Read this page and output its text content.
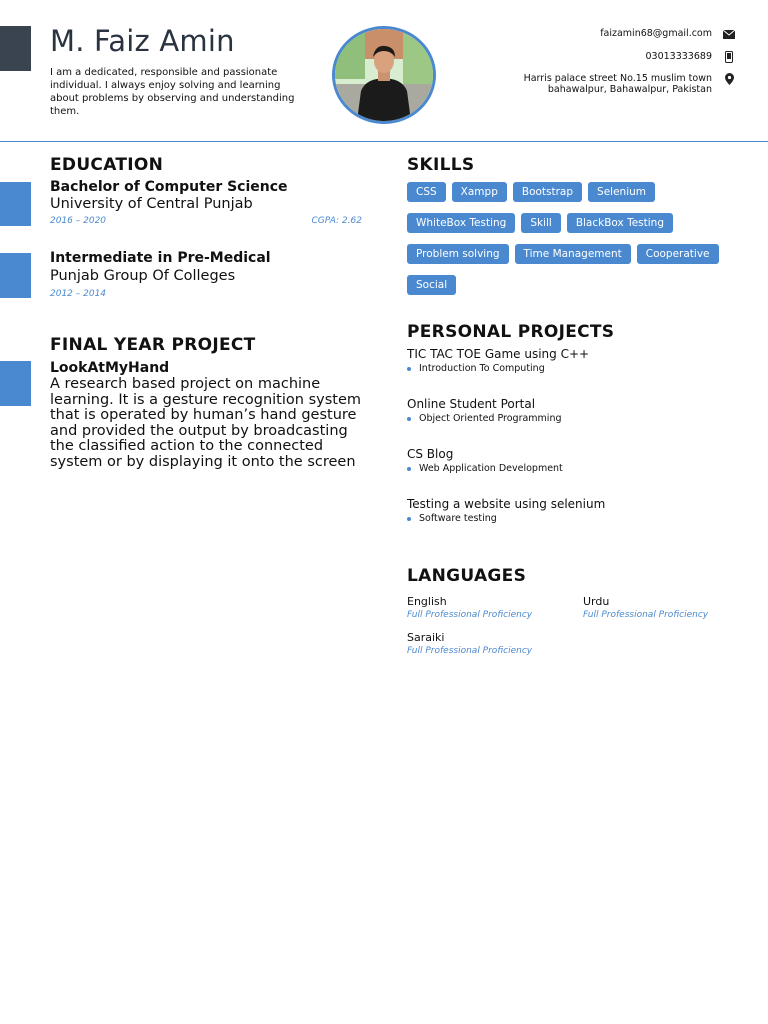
M. Faiz Amin

I am a dedicated, responsible and passionate individual. I always enjoy solving and learning about problems by observing and understanding them.

faizamin68@gmail.com
03013333689
Harris palace street No.15 muslim town
bahawalpur, Bahawalpur, Pakistan
EDUCATION
Bachelor of Computer Science
University of Central Punjab
2016 – 2020	CGPA: 2.62
Intermediate in Pre-Medical
Punjab Group Of Colleges
2012 – 2014
FINAL YEAR PROJECT
LookAtMyHand

A research based project on machine learning. It is a gesture recognition system that is operated by human’s hand gesture and provided the output by broadcasting the classified action to the connected system or by displaying it onto the screen

SKILLS
CSS	Xampp	Bootstrap	Selenium
WhiteBox Testing	Skill	BlackBox Testing
Problem solving	Time Management	Cooperative
Social
PERSONAL PROJECTS
TIC TAC TOE Game using C++
Introduction To Computing
Online Student Portal
Object Oriented Programming
CS Blog
Web Application Development
Testing a website using selenium
Software testing
LANGUAGES
English
Full Professional Proficiency
Urdu
Full Professional Proficiency
Saraiki
Full Professional Proficiency
